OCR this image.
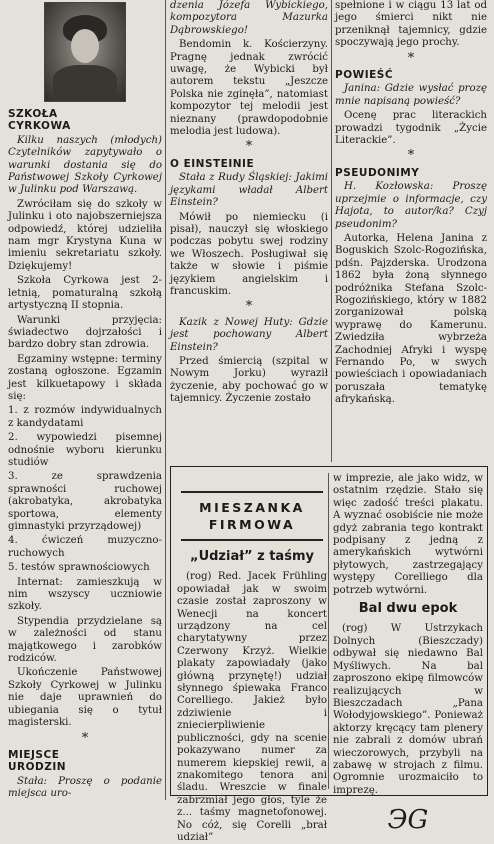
SZKOŁA
CYRKOWA

Kilku naszych (młodych) Czytelników zapytywało o warunki dostania się do Państwowej Szkoły Cyrkowej w Julinku pod Warszawą.

Zwróciłam się do szkoły w Julinku i oto najobszerniejsza odpowiedź, której udzieliła nam mgr Krystyna Kuna w imieniu sekretariatu szkoły. Dziękujemy!

Szkoła Cyrkowa jest 2-letnią, pomaturalną szkołą artystyczną II stopnia.

Warunki przyjęcia: świadectwo dojrzałości i bardzo dobry stan zdrowia.

Egzaminy wstępne: terminy zostaną ogłoszone. Egzamin jest kilkuetapowy i składa się:

1. z rozmów indywidualnych z kandydatami

2. wypowiedzi pisemnej odnośnie wyboru kierunku studiów

3. ze sprawdzenia sprawności ruchowej (akrobatyka, akrobatyka sportowa, elementy gimnastyki przyrządowej)

4. ćwiczeń muzyczno-ruchowych

5. testów sprawnościowych

Internat: zamieszkują w nim wszyscy uczniowie szkoły.

Stypendia przydzielane są w zależności od stanu majątkowego i zarobków rodziców.

Ukończenie Państwowej Szkoły Cyrkowej w Julinku nie daje uprawnień do ubiegania się o tytuł magisterski.

*
MIEJSCE
URODZIN

Stała: Proszę o podanie miejsca uro-

dzenia Józefa Wybickiego, kompozytora Mazurka Dąbrowskiego!

Bendomin k. Kościerzyny. Pragnę jednak zwrócić uwagę, że Wybicki był autorem tekstu „Jeszcze Polska nie zginęła”, natomiast kompozytor tej melodii jest nieznany (prawdopodobnie melodia jest ludowa).

*
O EINSTEINIE

Stała z Rudy Śląskiej: Jakimi językami władał Albert Einstein?

Mówił po niemiecku (i pisał), nauczył się włoskiego podczas pobytu swej rodziny we Włoszech. Posługiwał się także w słowie i piśmie językiem angielskim i francuskim.

*

Kazik z Nowej Huty: Gdzie jest pochowany Albert Einstein?

Przed śmiercią (szpital w Nowym Jorku) wyraził życzenie, aby pochować go w tajemnicy. Życzenie zostało

spełnione i w ciągu 13 lat od jego śmierci nikt nie przeniknął tajemnicy, gdzie spoczywają jego prochy.

*
POWIEŚĆ

Janina: Gdzie wysłać prozę mnie napisaną powieść?

Ocenę prac literackich prowadzi tygodnik „Życie Literackie”.

*
PSEUDONIMY

H. Kozłowska: Proszę uprzejmie o informacje, czy Hajota, to autor/ka? Czyj pseudonim?

Autorka, Helena Janina z Boguskich Szolc-Rogozińska, pdśn. Pajzderska. Urodzona 1862 była żoną słynnego podróżnika Stefana Szolc-Rogozińskiego, który w 1882 zorganizował polską wyprawę do Kamerunu. Zwiedziła wybrzeża Zachodniej Afryki i wyspę Fernando Po, w swych powieściach i opowiadaniach poruszała tematykę afrykańską.

MIESZANKA
FIRMOWA
„Udział” z taśmy

(rog) Red. Jacek Frühling opowiadał jak w swoim czasie został zaproszony w Wenecji na koncert urządzony na cel charytatywny przez Czerwony Krzyż. Wielkie plakaty zapowiadały (jako główną przynętę!) udział słynnego śpiewaka Franco Corelliego. Jakież było zdziwienie i zniecierpliwienie publiczności, gdy na scenie pokazywano numer za numerem kiepskiej rewii, a znakomitego tenora ani śladu. Wreszcie w finale zabrzmiał jego głos, tyle że z... taśmy magnetofonowej. No cóż, się Corelli „brał udział”

w imprezie, ale jako widz, w ostatnim rzędzie. Stało się więc zadość treści plakatu. A wyznać osobiście nie może gdyż zabrania tego kontrakt podpisany z jedną z amerykańskich wytwórni płytowych, zastrzegający występy Corelliego dla potrzeb wytwórni.

Bal dwu epok

(rog) W Ustrzykach Dolnych (Bieszczady) odbywał się niedawno Bal Myśliwych. Na bal zaproszono ekipę filmowców realizujących w Bieszczadach „Pana Wołodyjowskiego”. Ponieważ aktorzy kręcący tam plenery nie zabrali z domów ubrań wieczorowych, przybyli na zabawę w strojach z filmu. Ogromnie urozmaiciło to imprezę.

ЭG
